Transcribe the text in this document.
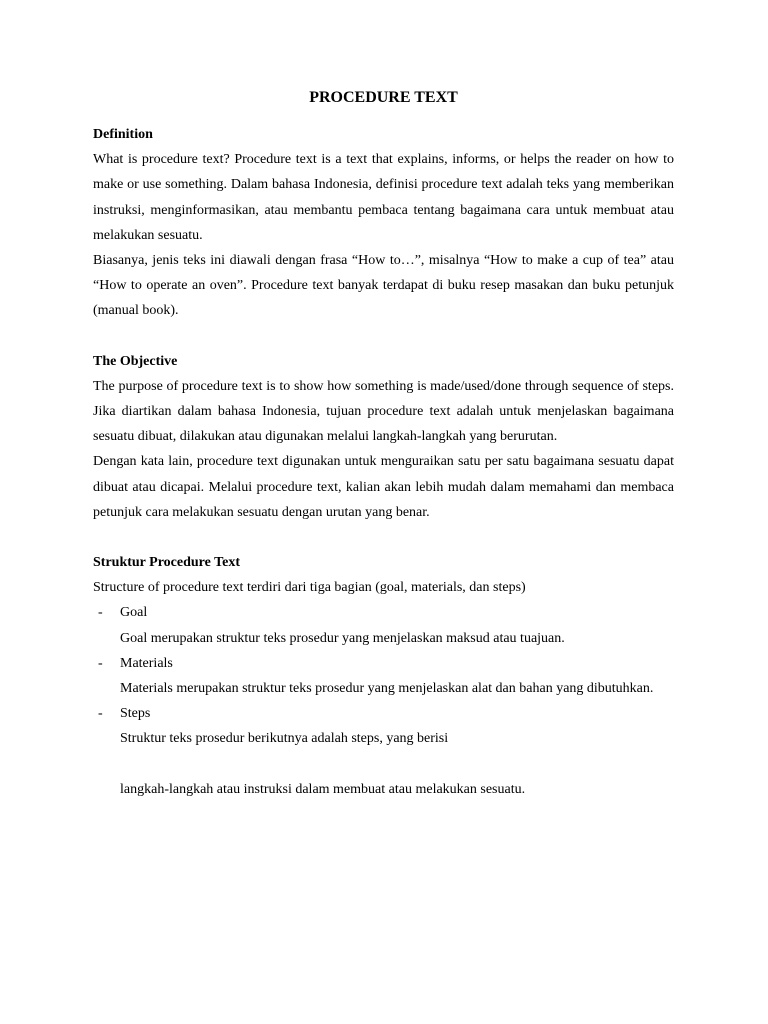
PROCEDURE TEXT

Definition

What is procedure text? Procedure text is a text that explains, informs, or helps the reader on how to make or use something. Dalam bahasa Indonesia, definisi procedure text adalah teks yang memberikan instruksi, menginformasikan, atau membantu pembaca tentang bagaimana cara untuk membuat atau melakukan sesuatu.

Biasanya, jenis teks ini diawali dengan frasa “How to…”, misalnya “How to make a cup of tea” atau “How to operate an oven”. Procedure text banyak terdapat di buku resep masakan dan buku petunjuk (manual book).

The Objective

The purpose of procedure text is to show how something is made/used/done through sequence of steps. Jika diartikan dalam bahasa Indonesia, tujuan procedure text adalah untuk menjelaskan bagaimana sesuatu dibuat, dilakukan atau digunakan melalui langkah-langkah yang berurutan.

Dengan kata lain, procedure text digunakan untuk menguraikan satu per satu bagaimana sesuatu dapat dibuat atau dicapai. Melalui procedure text, kalian akan lebih mudah dalam memahami dan membaca petunjuk cara melakukan sesuatu dengan urutan yang benar.

Struktur Procedure Text

Structure of procedure text terdiri dari tiga bagian (goal, materials, dan steps)

- Goal

Goal merupakan struktur teks prosedur yang menjelaskan maksud atau tuajuan.

- Materials

Materials merupakan struktur teks prosedur yang menjelaskan alat dan bahan yang dibutuhkan.

- Steps

Struktur teks prosedur berikutnya adalah steps, yang berisi

langkah-langkah atau instruksi dalam membuat atau melakukan sesuatu.
